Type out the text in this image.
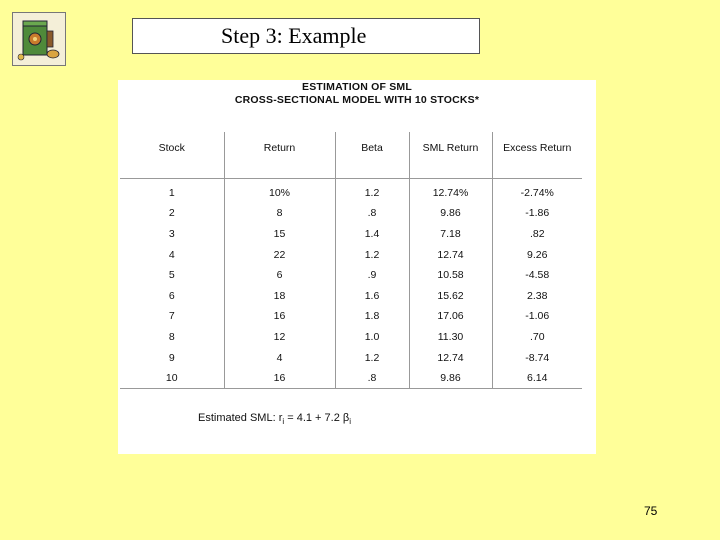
Step 3: Example
ESTIMATION OF SML
CROSS-SECTIONAL MODEL WITH 10 STOCKS*
Stock	Return	Beta	SML Return	Excess Return
1	10%	1.2	12.74%	-2.74%
2	8	.8	9.86	-1.86
3	15	1.4	7.18	.82
4	22	1.2	12.74	9.26
5	6	.9	10.58	-4.58
6	18	1.6	15.62	2.38
7	16	1.8	17.06	-1.06
8	12	1.0	11.30	.70
9	4	1.2	12.74	-8.74
10	16	.8	9.86	6.14
Estimated SML: $r_i = 4.1 + 7.2$ $\beta_i$
75
